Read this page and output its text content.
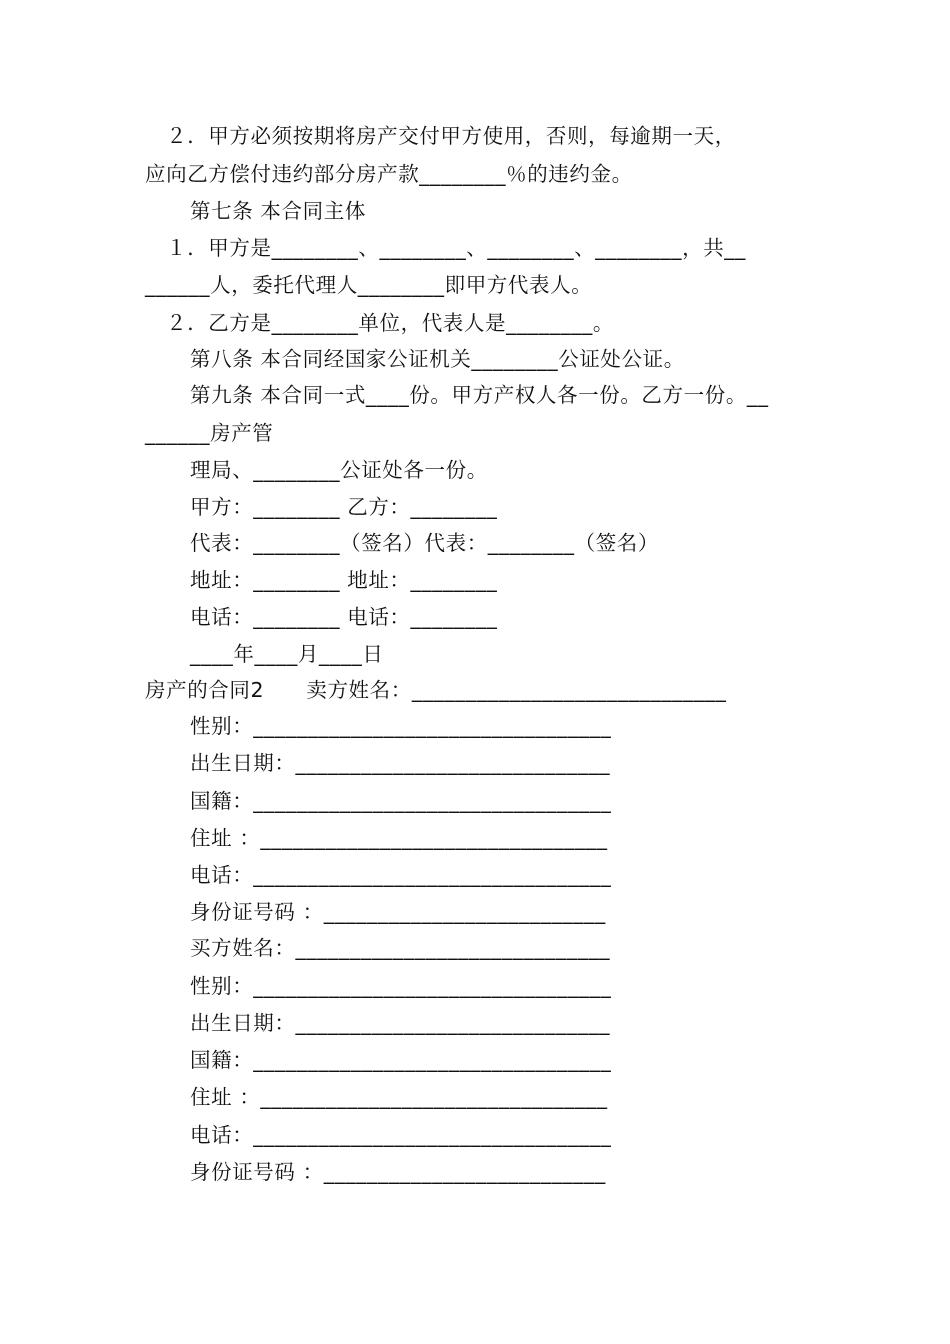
　２．甲方必须按期将房产交付甲方使用，否则，每逾期一天，
应向乙方偿付违约部分房产款________％的违约金。
第七条 本合同主体
　１．甲方是________、________、________、________，共__
______人，委托代理人________即甲方代表人。
　２．乙方是________单位，代表人是________。
第八条 本合同经国家公证机关________公证处公证。
第九条 本合同一式____份。甲方产权人各一份。乙方一份。__
______房产管
理局、________公证处各一份。
甲方：________ 乙方：________
代表：________（签名）代表：________（签名）
地址：________ 地址：________
电话：________ 电话：________
____年____月____日
房产的合同2　　卖方姓名：_____________________________
性别：_________________________________
出生日期：_____________________________
国籍：_________________________________
住址 ：________________________________
电话：_________________________________
身份证号码 ：__________________________
买方姓名：_____________________________
性别：_________________________________
出生日期：_____________________________
国籍：_________________________________
住址 ：________________________________
电话：_________________________________
身份证号码 ：__________________________
